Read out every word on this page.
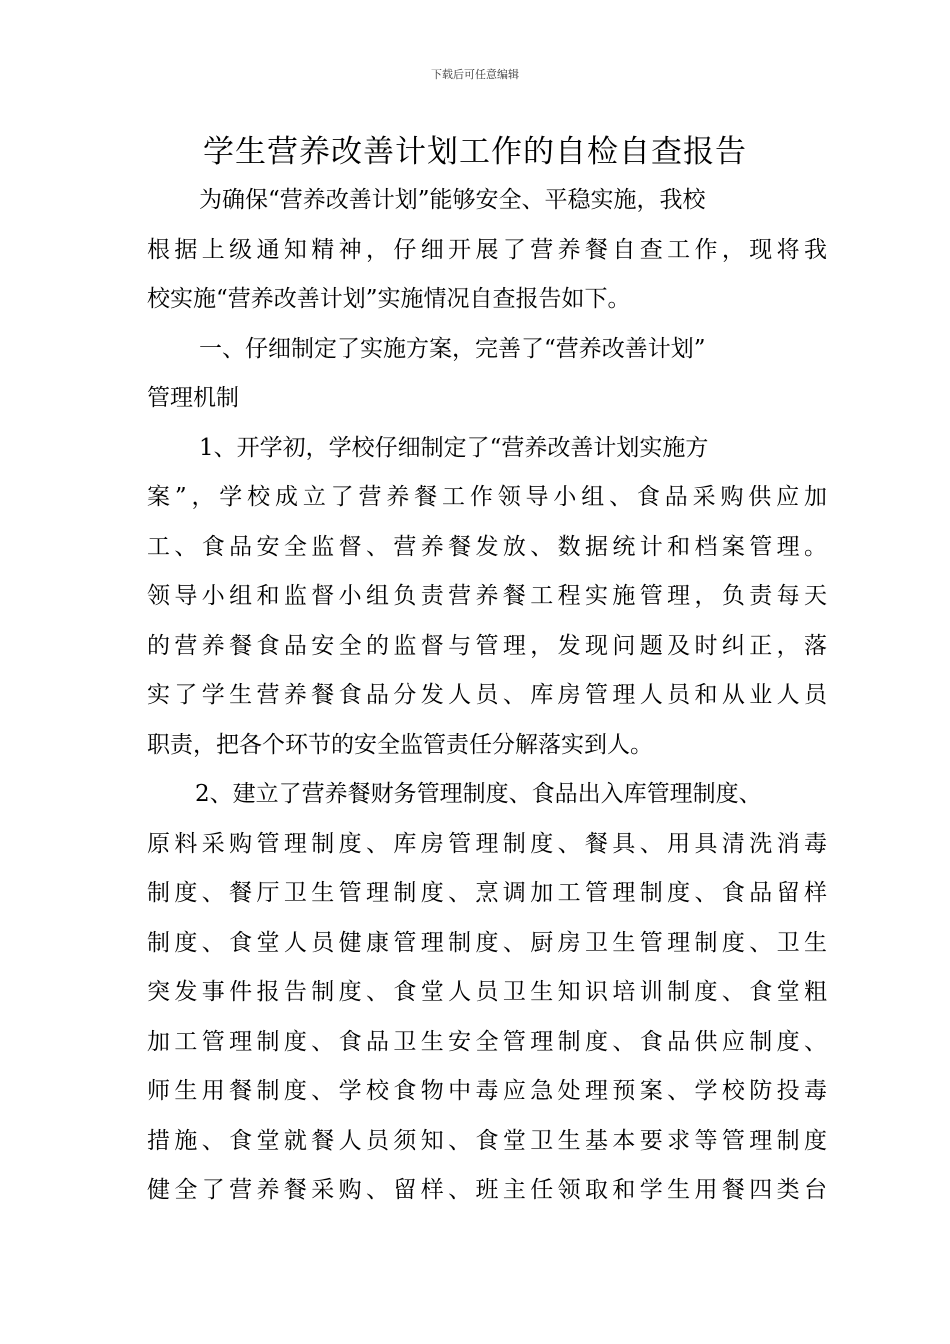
下载后可任意编辑
学生营养改善计划工作的自检自查报告
为确保“营养改善计划”能够安全、平稳实施，我校
根据上级通知精神，仔细开展了营养餐自查工作，现将我
校实施“营养改善计划”实施情况自查报告如下。
一、仔细制定了实施方案，完善了“营养改善计划”
管理机制
1、开学初，学校仔细制定了“营养改善计划实施方
案”，学校成立了营养餐工作领导小组、食品采购供应加
工、食品安全监督、营养餐发放、数据统计和档案管理。
领导小组和监督小组负责营养餐工程实施管理，负责每天
的营养餐食品安全的监督与管理，发现问题及时纠正，落
实了学生营养餐食品分发人员、库房管理人员和从业人员
职责，把各个环节的安全监管责任分解落实到人。
2、建立了营养餐财务管理制度、食品出入库管理制度、
原料采购管理制度、库房管理制度、餐具、用具清洗消毒
制度、餐厅卫生管理制度、烹调加工管理制度、食品留样
制度、食堂人员健康管理制度、厨房卫生管理制度、卫生
突发事件报告制度、食堂人员卫生知识培训制度、食堂粗
加工管理制度、食品卫生安全管理制度、食品供应制度、
师生用餐制度、学校食物中毒应急处理预案、学校防投毒
措施、食堂就餐人员须知、食堂卫生基本要求等管理制度
健全了营养餐采购、留样、班主任领取和学生用餐四类台
